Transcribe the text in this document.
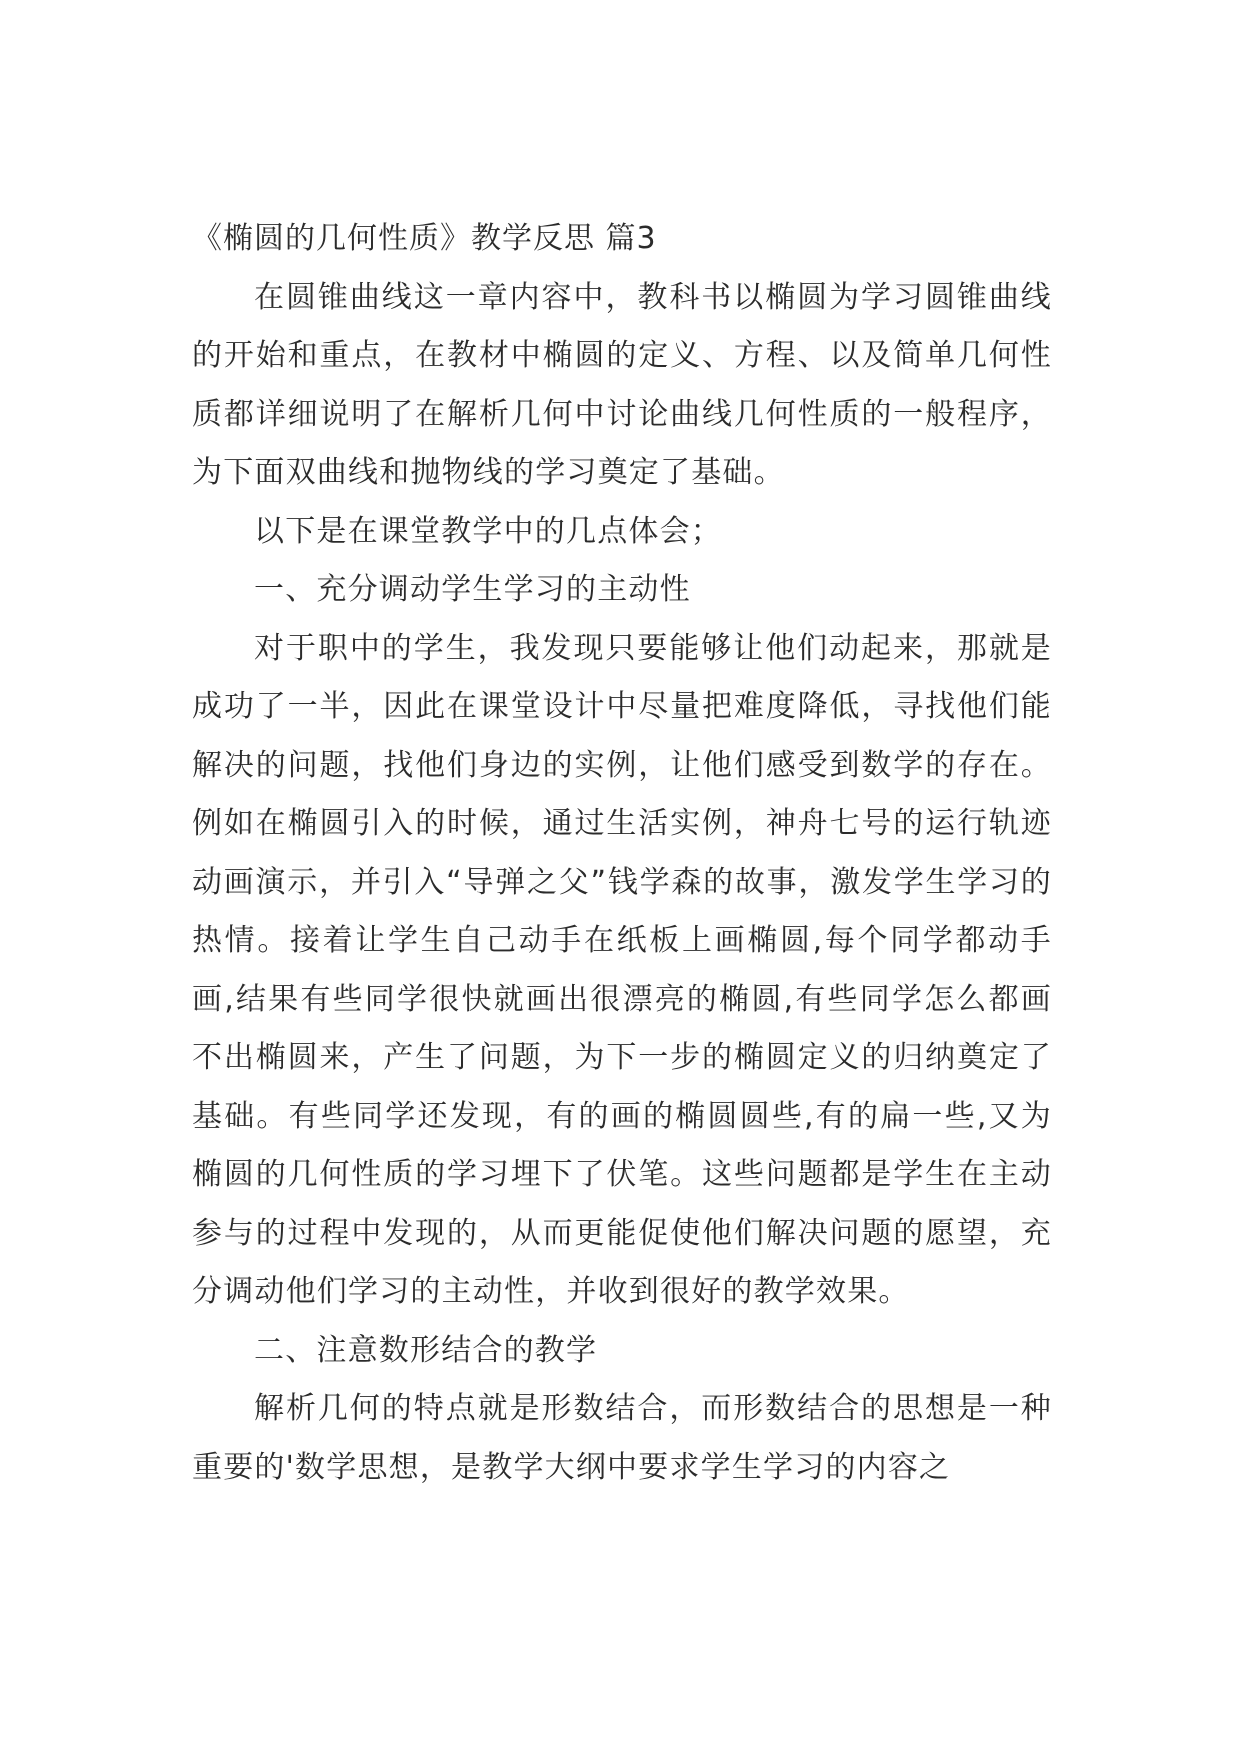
《椭圆的几何性质》教学反思 篇3

在圆锥曲线这一章内容中，教科书以椭圆为学习圆锥曲线的开始和重点，在教材中椭圆的定义、方程、以及简单几何性质都详细说明了在解析几何中讨论曲线几何性质的一般程序，为下面双曲线和抛物线的学习奠定了基础。

以下是在课堂教学中的几点体会；

一、充分调动学生学习的主动性

对于职中的学生，我发现只要能够让他们动起来，那就是成功了一半，因此在课堂设计中尽量把难度降低，寻找他们能解决的问题，找他们身边的实例，让他们感受到数学的存在。例如在椭圆引入的时候，通过生活实例，神舟七号的运行轨迹动画演示，并引入“导弹之父”钱学森的故事，激发学生学习的热情。接着让学生自己动手在纸板上画椭圆,每个同学都动手画,结果有些同学很快就画出很漂亮的椭圆,有些同学怎么都画不出椭圆来，产生了问题，为下一步的椭圆定义的归纳奠定了基础。有些同学还发现，有的画的椭圆圆些,有的扁一些,又为椭圆的几何性质的学习埋下了伏笔。这些问题都是学生在主动参与的过程中发现的，从而更能促使他们解决问题的愿望，充分调动他们学习的主动性，并收到很好的教学效果。

二、注意数形结合的教学

解析几何的特点就是形数结合，而形数结合的思想是一种重要的'数学思想，是教学大纲中要求学生学习的内容之
